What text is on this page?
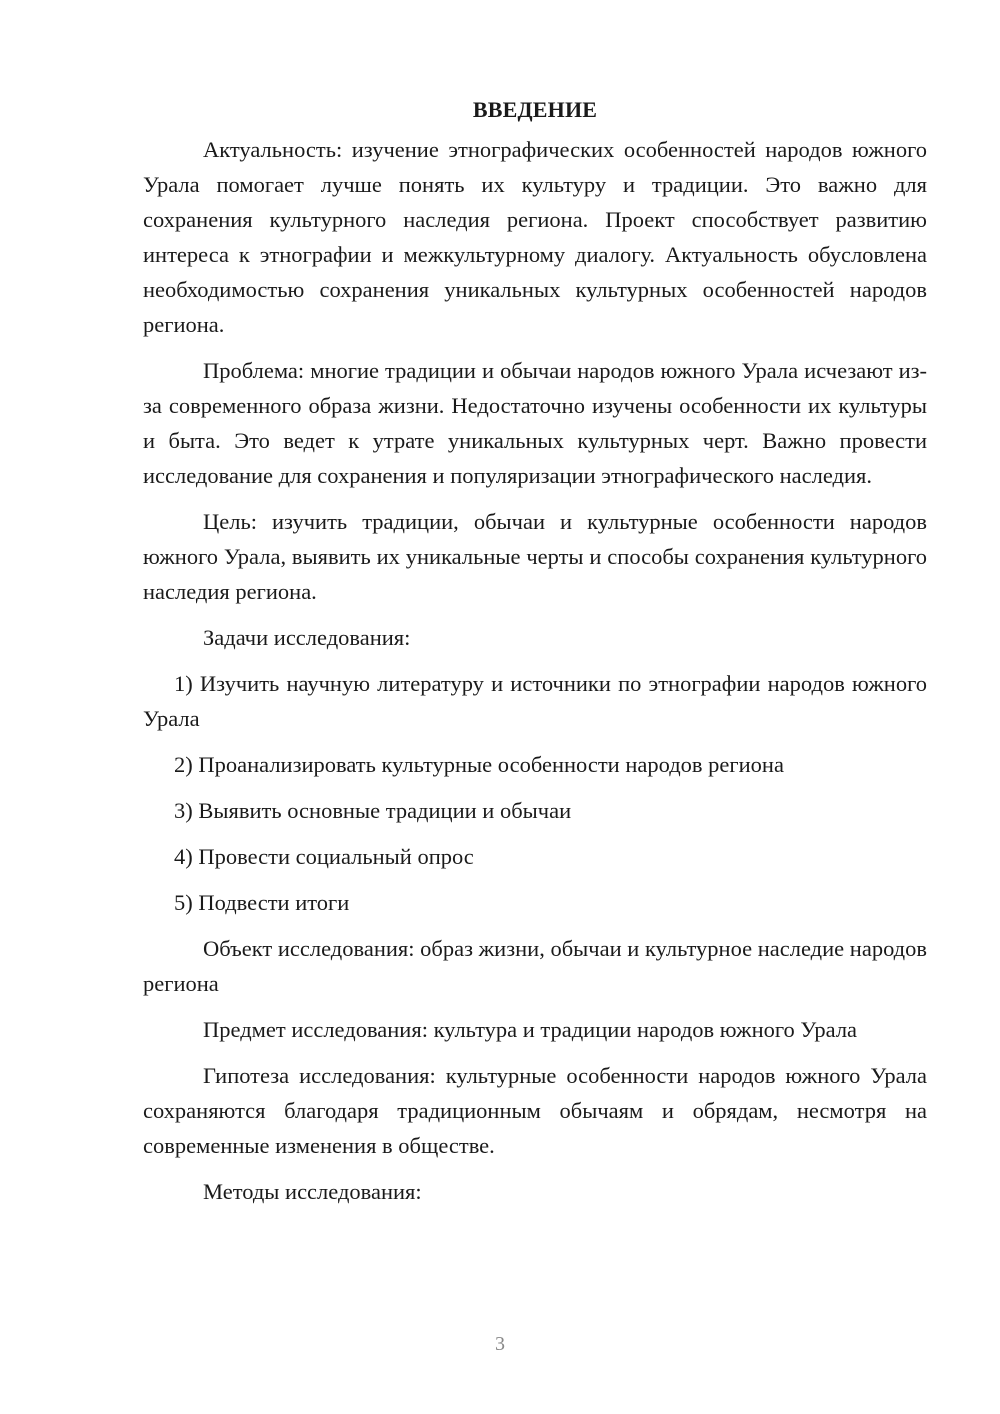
ВВЕДЕНИЕ

Актуальность: изучение этнографических особенностей народов южного Урала помогает лучше понять их культуру и традиции. Это важно для сохранения культурного наследия региона. Проект способствует развитию интереса к этнографии и межкультурному диалогу. Актуальность обусловлена необходимостью сохранения уникальных культурных особенностей народов региона.

Проблема: многие традиции и обычаи народов южного Урала исчезают из-за современного образа жизни. Недостаточно изучены особенности их культуры и быта. Это ведет к утрате уникальных культурных черт. Важно провести исследование для сохранения и популяризации этнографического наследия.

Цель: изучить традиции, обычаи и культурные особенности народов южного Урала, выявить их уникальные черты и способы сохранения культурного наследия региона.

Задачи исследования:

1) Изучить научную литературу и источники по этнографии народов южного Урала

2) Проанализировать культурные особенности народов региона

3) Выявить основные традиции и обычаи

4) Провести социальный опрос

5) Подвести итоги

Объект исследования: образ жизни, обычаи и культурное наследие народов региона

Предмет исследования: культура и традиции народов южного Урала

Гипотеза исследования: культурные особенности народов южного Урала сохраняются благодаря традиционным обычаям и обрядам, несмотря на современные изменения в обществе.

Методы исследования:

3
